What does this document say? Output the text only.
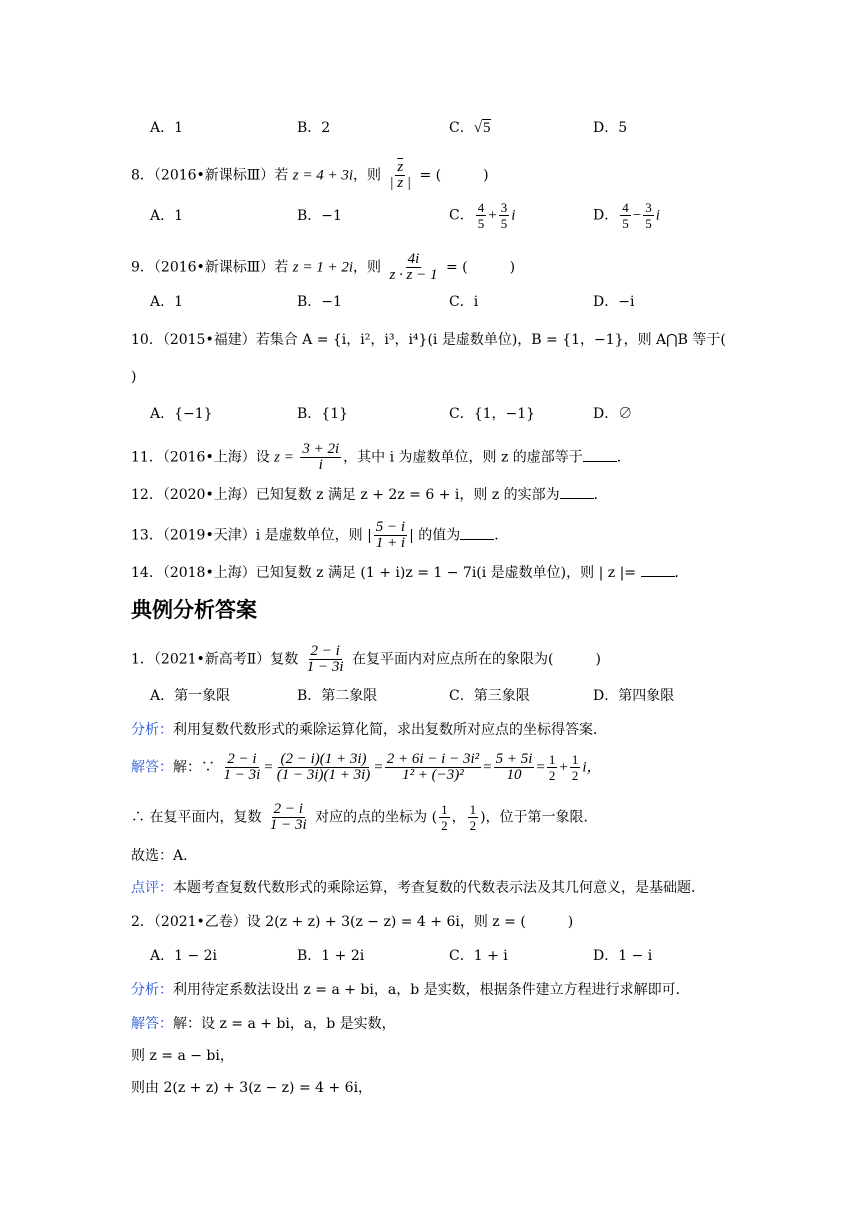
A．1	B．2	C．√5	D．5
8．（2016•新课标Ⅲ）若 z = 4 + 3i，则 $\frac{\overline{z}}{| z |}$ = (　　　)
A．1	B．−1	C． $\frac{4}{5} + \frac{3}{5}$ i	D． $\frac{4}{5} - \frac{3}{5}$ i
9．（2016•新课标Ⅲ）若 z = 1 + 2i，则 $\frac{4i}{z \cdot z - 1}$ = (　　　)
A．1	B．−1	C．i	D．−i
10．（2015•福建）若集合 A = {i，i²，i³，i⁴}(i 是虚数单位)，B = {1，−1}，则 A⋂B 等于(
)
A．{−1}	B．{1}	C．{1，−1}	D．∅
11．（2016•上海）设 $z = \frac{3 + 2i}{i}$ ，其中 i 为虚数单位，则 z 的虚部等于 ．
12．（2020•上海）已知复数 z 满足 z + 2z = 6 + i，则 z 的实部为 ．
13．（2019•天津）i 是虚数单位，则 | $\frac{5 - i}{1 + i}$ | 的值为 ．
14．（2018•上海）已知复数 z 满足 (1 + i)z = 1 − 7i(i 是虚数单位)，则 | z |=	．
典例分析答案
1．（2021•新高考Ⅱ）复数 $\frac{2 - i}{1 - 3i}$ 在复平面内对应点所在的象限为(　　　)
A．第一象限	B．第二象限	C．第三象限	D．第四象限
分析：利用复数代数形式的乘除运算化简，求出复数所对应点的坐标得答案．
解答：解：∵ $\frac{2 - i}{1 - 3i} = \frac{(2 - i)(1 + 3i)}{(1 - 3i)(1 + 3i)} = \frac{\text{2 + 6i − i − 3i²}}{\text{1² + (−3)²}} = \frac{5 + 5i}{10} = \frac{1}{2} + \frac{1}{2}$ i，
∴ 在复平面内，复数 $\frac{2 - i}{1 - 3i}$ 对应的点的坐标为 ( $\frac{1}{2}$ ， $\frac{1}{2}$ )，位于第一象限．
故选：A．
点评：本题考查复数代数形式的乘除运算，考查复数的代数表示法及其几何意义，是基础题．
2．（2021•乙卷）设 2(z + z) + 3(z − z) = 4 + 6i，则 z = (　　　)
A．1 − 2i	B．1 + 2i	C．1 + i	D．1 − i
分析：利用待定系数法设出 z = a + bi，a，b 是实数，根据条件建立方程进行求解即可．
解答：解：设 z = a + bi，a，b 是实数，
则 z = a − bi，
则由 2(z + z) + 3(z − z) = 4 + 6i，
